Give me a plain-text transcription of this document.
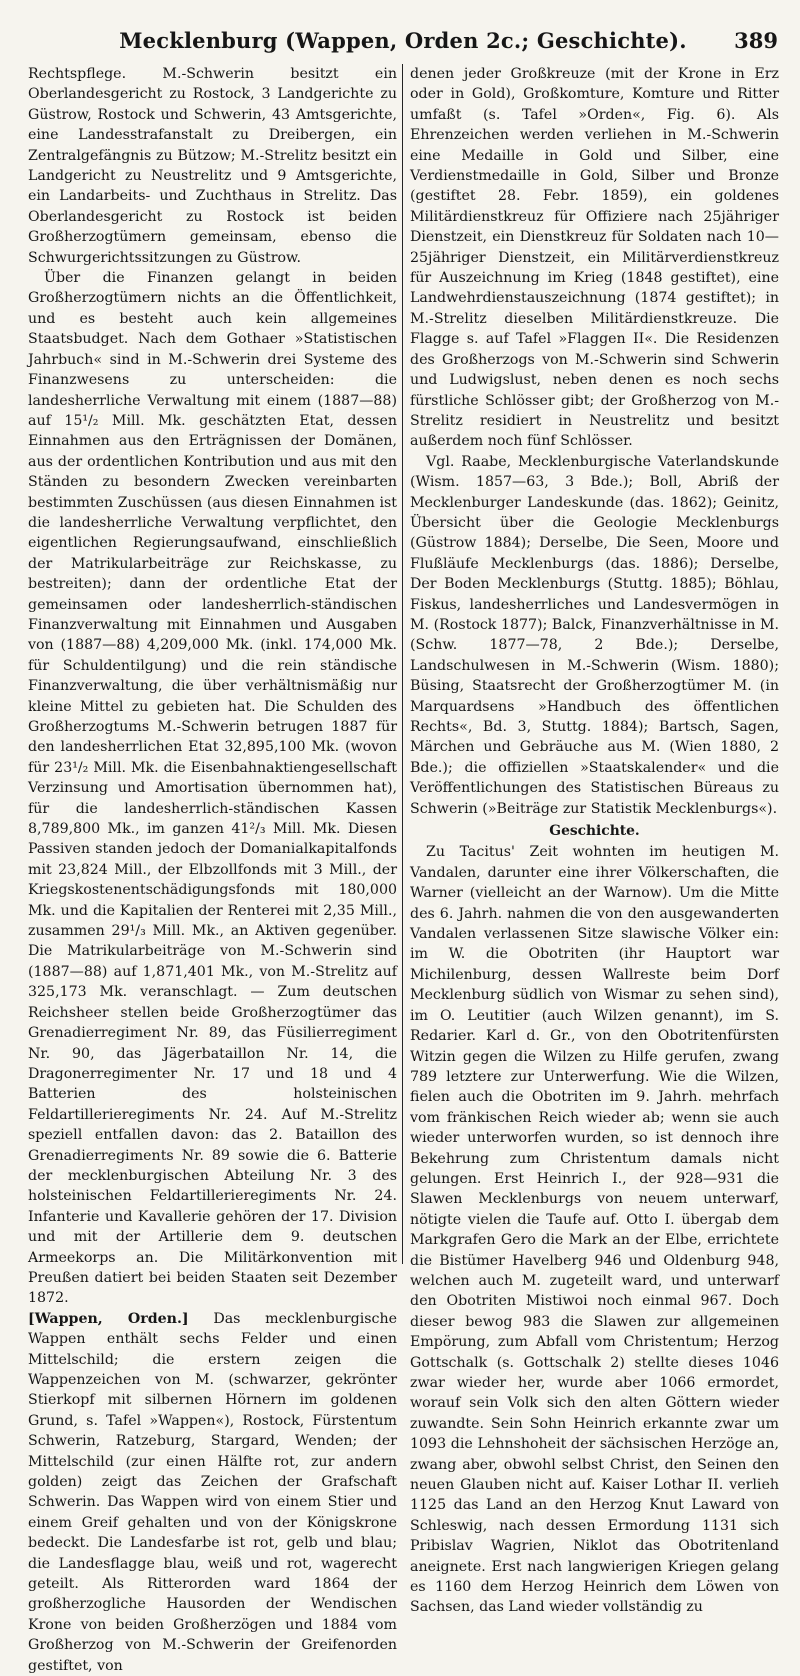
Mecklenburg (Wappen, Orden 2c.; Geschichte).	389

Rechtspflege. M.-Schwerin besitzt ein Oberlandesgericht zu Rostock, 3 Landgerichte zu Güstrow, Rostock und Schwerin, 43 Amtsgerichte, eine Landesstrafanstalt zu Dreibergen, ein Zentralgefängnis zu Bützow; M.-Strelitz besitzt ein Landgericht zu Neustrelitz und 9 Amtsgerichte, ein Landarbeits- und Zuchthaus in Strelitz. Das Oberlandesgericht zu Rostock ist beiden Großherzogtümern gemeinsam, ebenso die Schwurgerichtssitzungen zu Güstrow.

Über die Finanzen gelangt in beiden Großherzogtümern nichts an die Öffentlichkeit, und es besteht auch kein allgemeines Staatsbudget. Nach dem Gothaer »Statistischen Jahrbuch« sind in M.-Schwerin drei Systeme des Finanzwesens zu unterscheiden: die landesherrliche Verwaltung mit einem (1887—88) auf 15¹/₂ Mill. Mk. geschätzten Etat, dessen Einnahmen aus den Erträgnissen der Domänen, aus der ordentlichen Kontribution und aus mit den Ständen zu besondern Zwecken vereinbarten bestimmten Zuschüssen (aus diesen Einnahmen ist die landesherrliche Verwaltung verpflichtet, den eigentlichen Regierungsaufwand, einschließlich der Matrikularbeiträge zur Reichskasse, zu bestreiten); dann der ordentliche Etat der gemeinsamen oder landesherrlich-ständischen Finanzverwaltung mit Einnahmen und Ausgaben von (1887—88) 4,209,000 Mk. (inkl. 174,000 Mk. für Schuldentilgung) und die rein ständische Finanzverwaltung, die über verhältnismäßig nur kleine Mittel zu gebieten hat. Die Schulden des Großherzogtums M.-Schwerin betrugen 1887 für den landesherrlichen Etat 32,895,100 Mk. (wovon für 23¹/₂ Mill. Mk. die Eisenbahnaktiengesellschaft Verzinsung und Amortisation übernommen hat), für die landesherrlich-ständischen Kassen 8,789,800 Mk., im ganzen 41²/₃ Mill. Mk. Diesen Passiven standen jedoch der Domanialkapitalfonds mit 23,824 Mill., der Elbzollfonds mit 3 Mill., der Kriegskostenentschädigungsfonds mit 180,000 Mk. und die Kapitalien der Renterei mit 2,35 Mill., zusammen 29¹/₃ Mill. Mk., an Aktiven gegenüber. Die Matrikularbeiträge von M.-Schwerin sind (1887—88) auf 1,871,401 Mk., von M.-Strelitz auf 325,173 Mk. veranschlagt. — Zum deutschen Reichsheer stellen beide Großherzogtümer das Grenadierregiment Nr. 89, das Füsilierregiment Nr. 90, das Jägerbataillon Nr. 14, die Dragonerregimenter Nr. 17 und 18 und 4 Batterien des holsteinischen Feldartillerieregiments Nr. 24. Auf M.-Strelitz speziell entfallen davon: das 2. Bataillon des Grenadierregiments Nr. 89 sowie die 6. Batterie der mecklenburgischen Abteilung Nr. 3 des holsteinischen Feldartillerieregiments Nr. 24. Infanterie und Kavallerie gehören der 17. Division und mit der Artillerie dem 9. deutschen Armeekorps an. Die Militärkonvention mit Preußen datiert bei beiden Staaten seit Dezember 1872.

[Wappen, Orden.] Das mecklenburgische Wappen enthält sechs Felder und einen Mittelschild; die erstern zeigen die Wappenzeichen von M. (schwarzer, gekrönter Stierkopf mit silbernen Hörnern im goldenen Grund, s. Tafel »Wappen«), Rostock, Fürstentum Schwerin, Ratzeburg, Stargard, Wenden; der Mittelschild (zur einen Hälfte rot, zur andern golden) zeigt das Zeichen der Grafschaft Schwerin. Das Wappen wird von einem Stier und einem Greif gehalten und von der Königskrone bedeckt. Die Landesfarbe ist rot, gelb und blau; die Landesflagge blau, weiß und rot, wagerecht geteilt. Als Ritterorden ward 1864 der großherzogliche Hausorden der Wendischen Krone von beiden Großherzögen und 1884 vom Großherzog von M.-Schwerin der Greifenorden gestiftet, von

denen jeder Großkreuze (mit der Krone in Erz oder in Gold), Großkomture, Komture und Ritter umfaßt (s. Tafel »Orden«, Fig. 6). Als Ehrenzeichen werden verliehen in M.-Schwerin eine Medaille in Gold und Silber, eine Verdienstmedaille in Gold, Silber und Bronze (gestiftet 28. Febr. 1859), ein goldenes Militärdienstkreuz für Offiziere nach 25jähriger Dienstzeit, ein Dienstkreuz für Soldaten nach 10—25jähriger Dienstzeit, ein Militärverdienstkreuz für Auszeichnung im Krieg (1848 gestiftet), eine Landwehrdienstauszeichnung (1874 gestiftet); in M.-Strelitz dieselben Militärdienstkreuze. Die Flagge s. auf Tafel »Flaggen II«. Die Residenzen des Großherzogs von M.-Schwerin sind Schwerin und Ludwigslust, neben denen es noch sechs fürstliche Schlösser gibt; der Großherzog von M.-Strelitz residiert in Neustrelitz und besitzt außerdem noch fünf Schlösser.

Vgl. Raabe, Mecklenburgische Vaterlandskunde (Wism. 1857—63, 3 Bde.); Boll, Abriß der Mecklenburger Landeskunde (das. 1862); Geinitz, Übersicht über die Geologie Mecklenburgs (Güstrow 1884); Derselbe, Die Seen, Moore und Flußläufe Mecklenburgs (das. 1886); Derselbe, Der Boden Mecklenburgs (Stuttg. 1885); Böhlau, Fiskus, landesherrliches und Landesvermögen in M. (Rostock 1877); Balck, Finanzverhältnisse in M. (Schw. 1877—78, 2 Bde.); Derselbe, Landschulwesen in M.-Schwerin (Wism. 1880); Büsing, Staatsrecht der Großherzogtümer M. (in Marquardsens »Handbuch des öffentlichen Rechts«, Bd. 3, Stuttg. 1884); Bartsch, Sagen, Märchen und Gebräuche aus M. (Wien 1880, 2 Bde.); die offiziellen »Staatskalender« und die Veröffentlichungen des Statistischen Büreaus zu Schwerin (»Beiträge zur Statistik Mecklenburgs«).

Geschichte.

Zu Tacitus' Zeit wohnten im heutigen M. Vandalen, darunter eine ihrer Völkerschaften, die Warner (vielleicht an der Warnow). Um die Mitte des 6. Jahrh. nahmen die von den ausgewanderten Vandalen verlassenen Sitze slawische Völker ein: im W. die Obotriten (ihr Hauptort war Michilenburg, dessen Wallreste beim Dorf Mecklenburg südlich von Wismar zu sehen sind), im O. Leutitier (auch Wilzen genannt), im S. Redarier. Karl d. Gr., von den Obotritenfürsten Witzin gegen die Wilzen zu Hilfe gerufen, zwang 789 letztere zur Unterwerfung. Wie die Wilzen, fielen auch die Obotriten im 9. Jahrh. mehrfach vom fränkischen Reich wieder ab; wenn sie auch wieder unterworfen wurden, so ist dennoch ihre Bekehrung zum Christentum damals nicht gelungen. Erst Heinrich I., der 928—931 die Slawen Mecklenburgs von neuem unterwarf, nötigte vielen die Taufe auf. Otto I. übergab dem Markgrafen Gero die Mark an der Elbe, errichtete die Bistümer Havelberg 946 und Oldenburg 948, welchen auch M. zugeteilt ward, und unterwarf den Obotriten Mistiwoi noch einmal 967. Doch dieser bewog 983 die Slawen zur allgemeinen Empörung, zum Abfall vom Christentum; Herzog Gottschalk (s. Gottschalk 2) stellte dieses 1046 zwar wieder her, wurde aber 1066 ermordet, worauf sein Volk sich den alten Göttern wieder zuwandte. Sein Sohn Heinrich erkannte zwar um 1093 die Lehnshoheit der sächsischen Herzöge an, zwang aber, obwohl selbst Christ, den Seinen den neuen Glauben nicht auf. Kaiser Lothar II. verlieh 1125 das Land an den Herzog Knut Laward von Schleswig, nach dessen Ermordung 1131 sich Pribislav Wagrien, Niklot das Obotritenland aneignete. Erst nach langwierigen Kriegen gelang es 1160 dem Herzog Heinrich dem Löwen von Sachsen, das Land wieder vollständig zu
